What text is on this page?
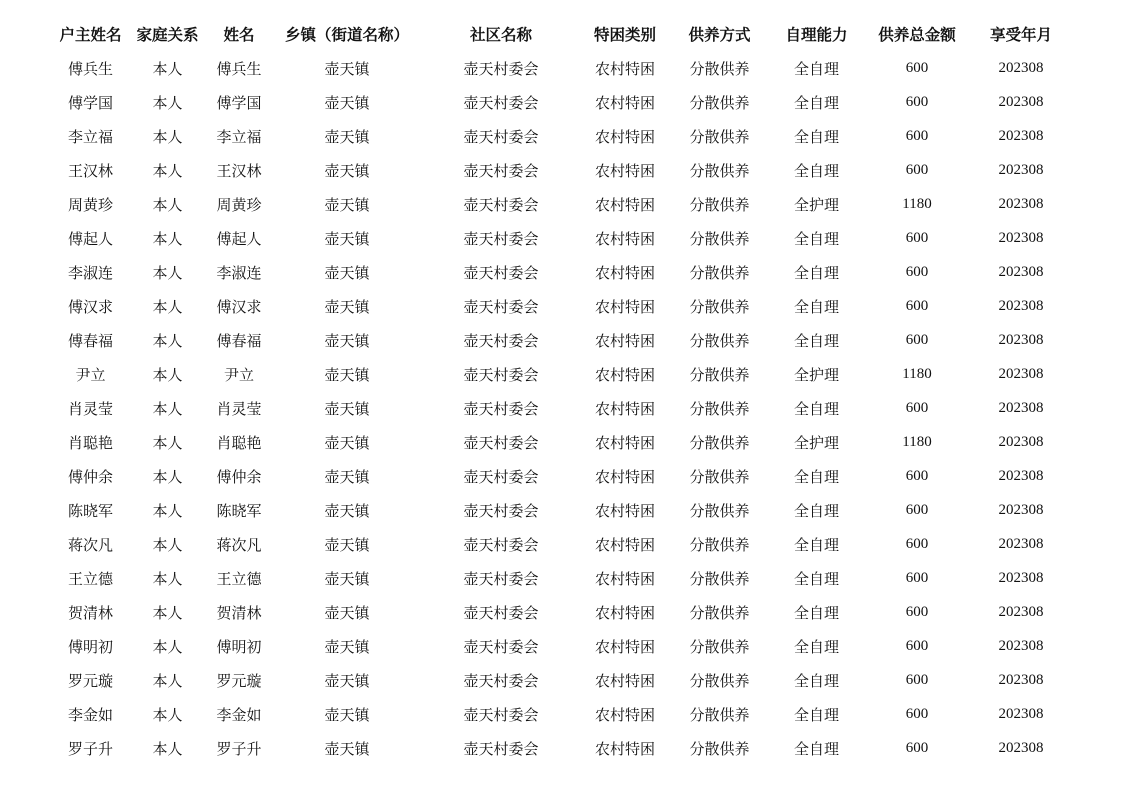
户主姓名	家庭关系	姓名	乡镇（街道名称）	社区名称	特困类别	供养方式	自理能力	供养总金额	享受年月
傅兵生	本人	傅兵生	壶天镇	壶天村委会	农村特困	分散供养	全自理	600	202308
傅学国	本人	傅学国	壶天镇	壶天村委会	农村特困	分散供养	全自理	600	202308
李立福	本人	李立福	壶天镇	壶天村委会	农村特困	分散供养	全自理	600	202308
王汉林	本人	王汉林	壶天镇	壶天村委会	农村特困	分散供养	全自理	600	202308
周黄珍	本人	周黄珍	壶天镇	壶天村委会	农村特困	分散供养	全护理	1180	202308
傅起人	本人	傅起人	壶天镇	壶天村委会	农村特困	分散供养	全自理	600	202308
李淑连	本人	李淑连	壶天镇	壶天村委会	农村特困	分散供养	全自理	600	202308
傅汉求	本人	傅汉求	壶天镇	壶天村委会	农村特困	分散供养	全自理	600	202308
傅春福	本人	傅春福	壶天镇	壶天村委会	农村特困	分散供养	全自理	600	202308
尹立	本人	尹立	壶天镇	壶天村委会	农村特困	分散供养	全护理	1180	202308
肖灵莹	本人	肖灵莹	壶天镇	壶天村委会	农村特困	分散供养	全自理	600	202308
肖聪艳	本人	肖聪艳	壶天镇	壶天村委会	农村特困	分散供养	全护理	1180	202308
傅仲余	本人	傅仲余	壶天镇	壶天村委会	农村特困	分散供养	全自理	600	202308
陈晓军	本人	陈晓军	壶天镇	壶天村委会	农村特困	分散供养	全自理	600	202308
蒋次凡	本人	蒋次凡	壶天镇	壶天村委会	农村特困	分散供养	全自理	600	202308
王立德	本人	王立德	壶天镇	壶天村委会	农村特困	分散供养	全自理	600	202308
贺清林	本人	贺清林	壶天镇	壶天村委会	农村特困	分散供养	全自理	600	202308
傅明初	本人	傅明初	壶天镇	壶天村委会	农村特困	分散供养	全自理	600	202308
罗元璇	本人	罗元璇	壶天镇	壶天村委会	农村特困	分散供养	全自理	600	202308
李金如	本人	李金如	壶天镇	壶天村委会	农村特困	分散供养	全自理	600	202308
罗子升	本人	罗子升	壶天镇	壶天村委会	农村特困	分散供养	全自理	600	202308
